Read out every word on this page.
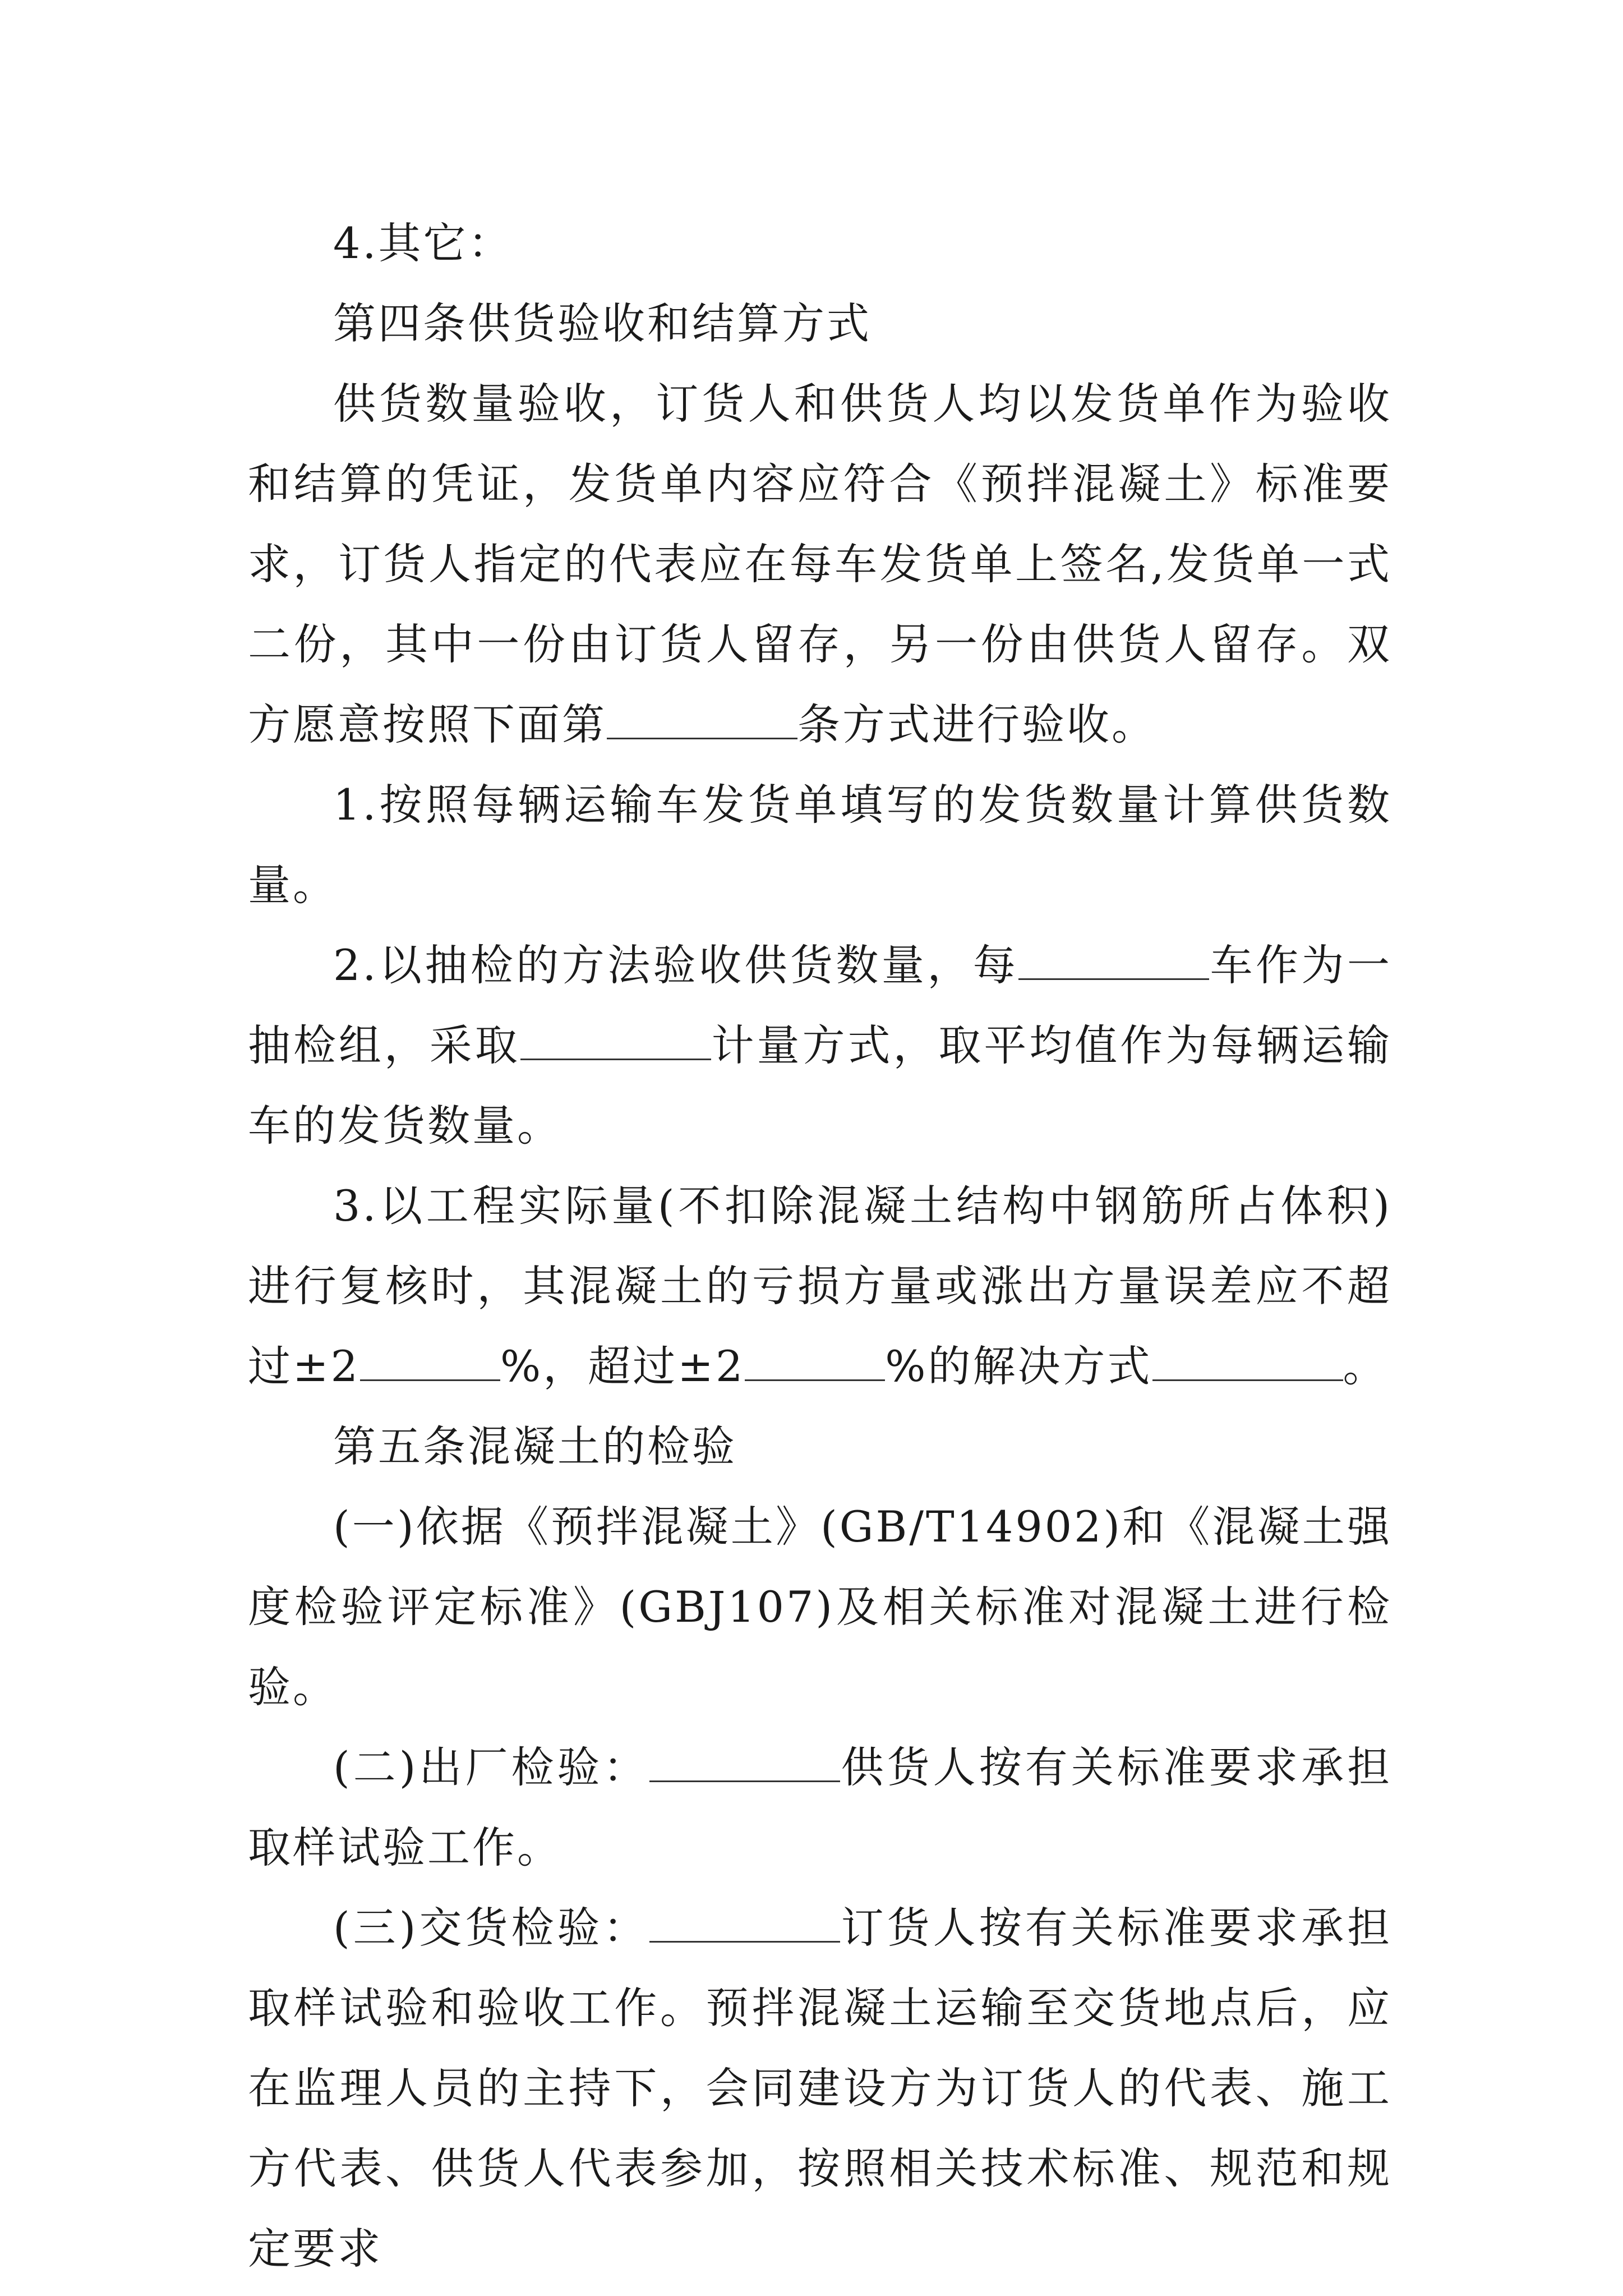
4.其它：

第四条供货验收和结算方式

供货数量验收，订货人和供货人均以发货单作为验收和结算的凭证，发货单内容应符合《预拌混凝土》标准要求，订货人指定的代表应在每车发货单上签名,发货单一式二份，其中一份由订货人留存，另一份由供货人留存。双方愿意按照下面第	条方式进行验收。

1.按照每辆运输车发货单填写的发货数量计算供货数量。

2.以抽检的方法验收供货数量，每	车作为一抽检组，采取	计量方式，取平均值作为每辆运输车的发货数量。

3.以工程实际量(不扣除混凝土结构中钢筋所占体积)进行复核时，其混凝土的亏损方量或涨出方量误差应不超过±2	%，超过±2	%的解决方式	。

第五条混凝土的检验

(一)依据《预拌混凝土》(GB/T14902)和《混凝土强度检验评定标准》(GBJ107)及相关标准对混凝土进行检验。

(二)出厂检验：	供货人按有关标准要求承担取样试验工作。

(三)交货检验：	订货人按有关标准要求承担取样试验和验收工作。预拌混凝土运输至交货地点后，应在监理人员的主持下，会同建设方为订货人的代表、施工方代表、供货人代表参加，按照相关技术标准、规范和规定要求
